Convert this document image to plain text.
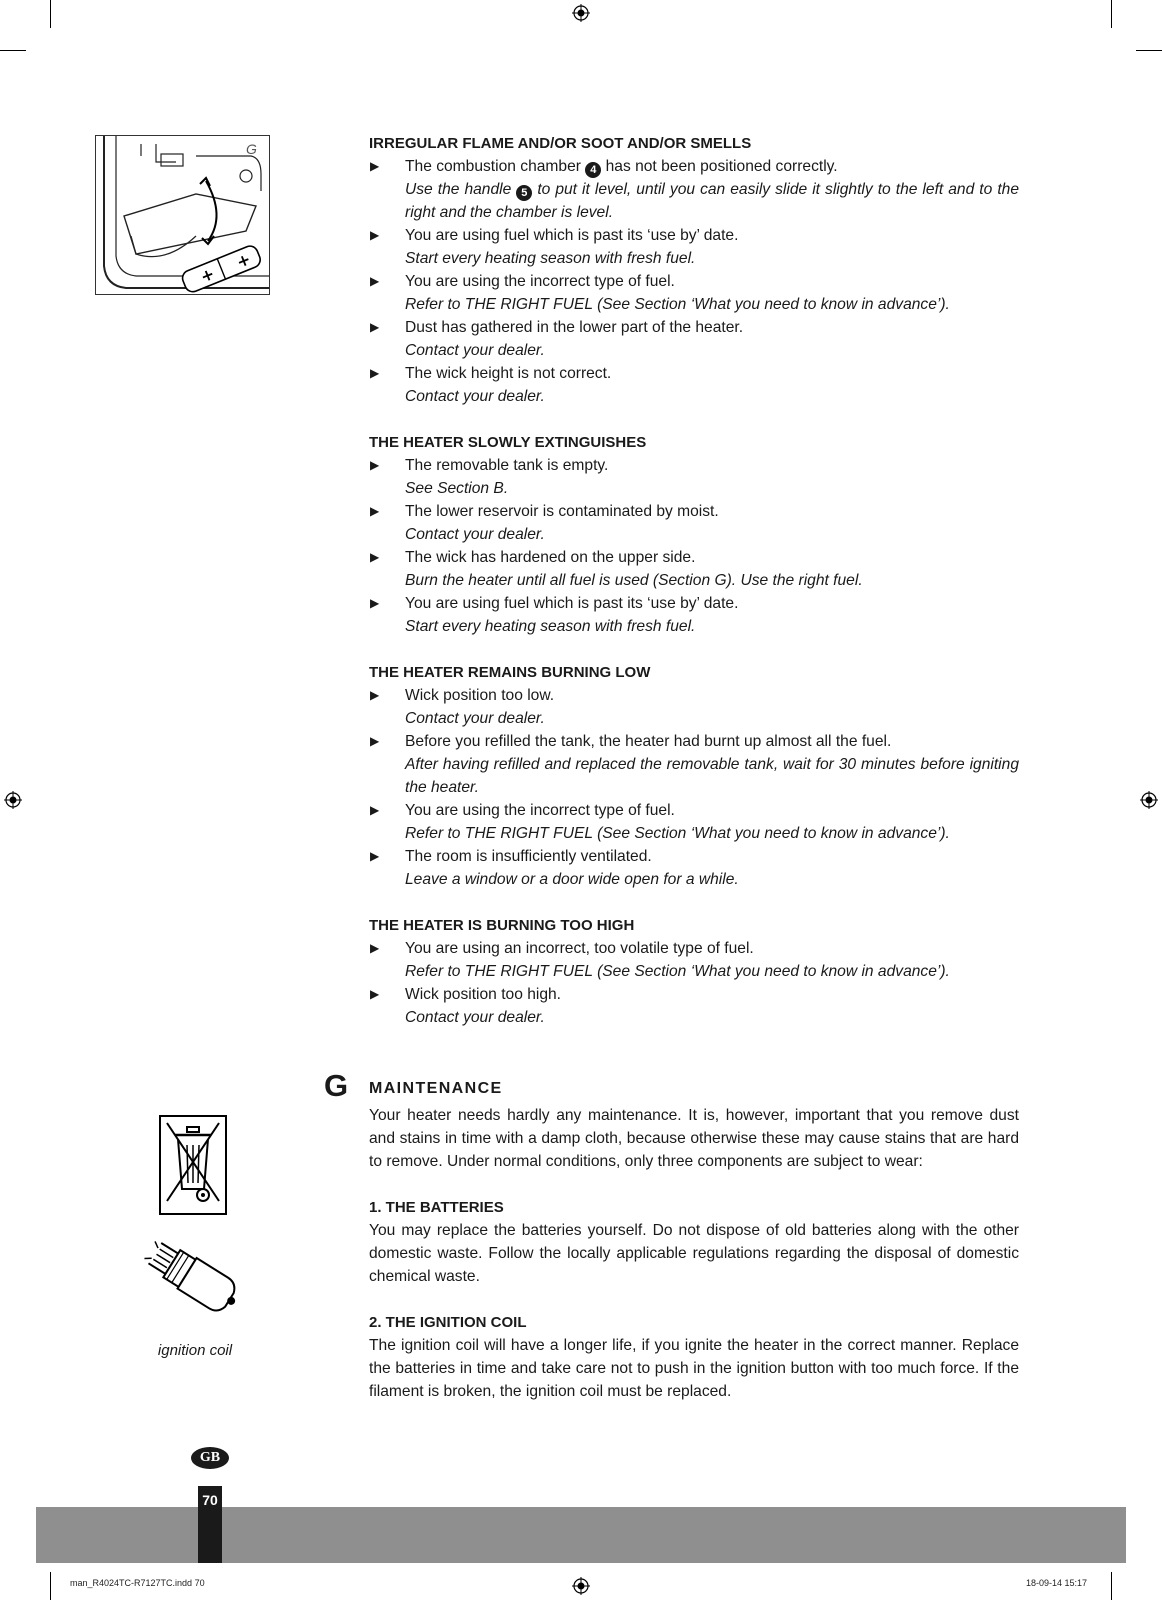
+
+
G	IRREGULAR FLAME AND/OR SOOT AND/OR SMELLS
▶ The combustion chamber 4 has not been positioned correctly.
Use the handle 5 to put it level, until you can easily slide it slightly to the left and to the right and the chamber is level.
▶ You are using fuel which is past its ‘use by’ date.
Start every heating season with fresh fuel.
▶ You are using the incorrect type of fuel.
Refer to THE RIGHT FUEL (See Section ‘What you need to know in advance’).
▶ Dust has gathered in the lower part of the heater.
Contact your dealer.
▶ The wick height is not correct.
Contact your dealer.
THE HEATER SLOWLY EXTINGUISHES
▶ The removable tank is empty.
See Section B.
▶ The lower reservoir is contaminated by moist.
Contact your dealer.
▶ The wick has hardened on the upper side.
Burn the heater until all fuel is used (Section G). Use the right fuel.
▶ You are using fuel which is past its ‘use by’ date.
Start every heating season with fresh fuel.
THE HEATER REMAINS BURNING LOW
▶ Wick position too low.
Contact your dealer.
▶ Before you refilled the tank, the heater had burnt up almost all the fuel.
After having refilled and replaced the removable tank, wait for 30 minutes before igniting the heater.
▶ You are using the incorrect type of fuel.
Refer to THE RIGHT FUEL (See Section ‘What you need to know in advance’).
▶ The room is insufficiently ventilated.
Leave a window or a door wide open for a while.
THE HEATER IS BURNING TOO HIGH
▶ You are using an incorrect, too volatile type of fuel.
Refer to THE RIGHT FUEL (See Section ‘What you need to know in advance’).
▶ Wick position too high.
Contact your dealer.
G MAINTENANCE

Your heater needs hardly any maintenance. It is, however, important that you remove dust and stains in time with a damp cloth, because otherwise these may cause stains that are hard to remove. Under normal conditions, only three components are subject to wear:

1. THE BATTERIES

You may replace the batteries yourself. Do not dispose of old batteries along with the other domestic waste. Follow the locally applicable regulations regarding the disposal of domestic chemical waste.

2. THE IGNITION COIL

The ignition coil will have a longer life, if you ignite the heater in the correct manner. Replace the batteries in time and take care not to push in the ignition button with too much force. If the filament is broken, the ignition coil must be replaced.

ignition coil
GB
70
man_R4024TC-R7127TC.indd 70	18-09-14 15:17
